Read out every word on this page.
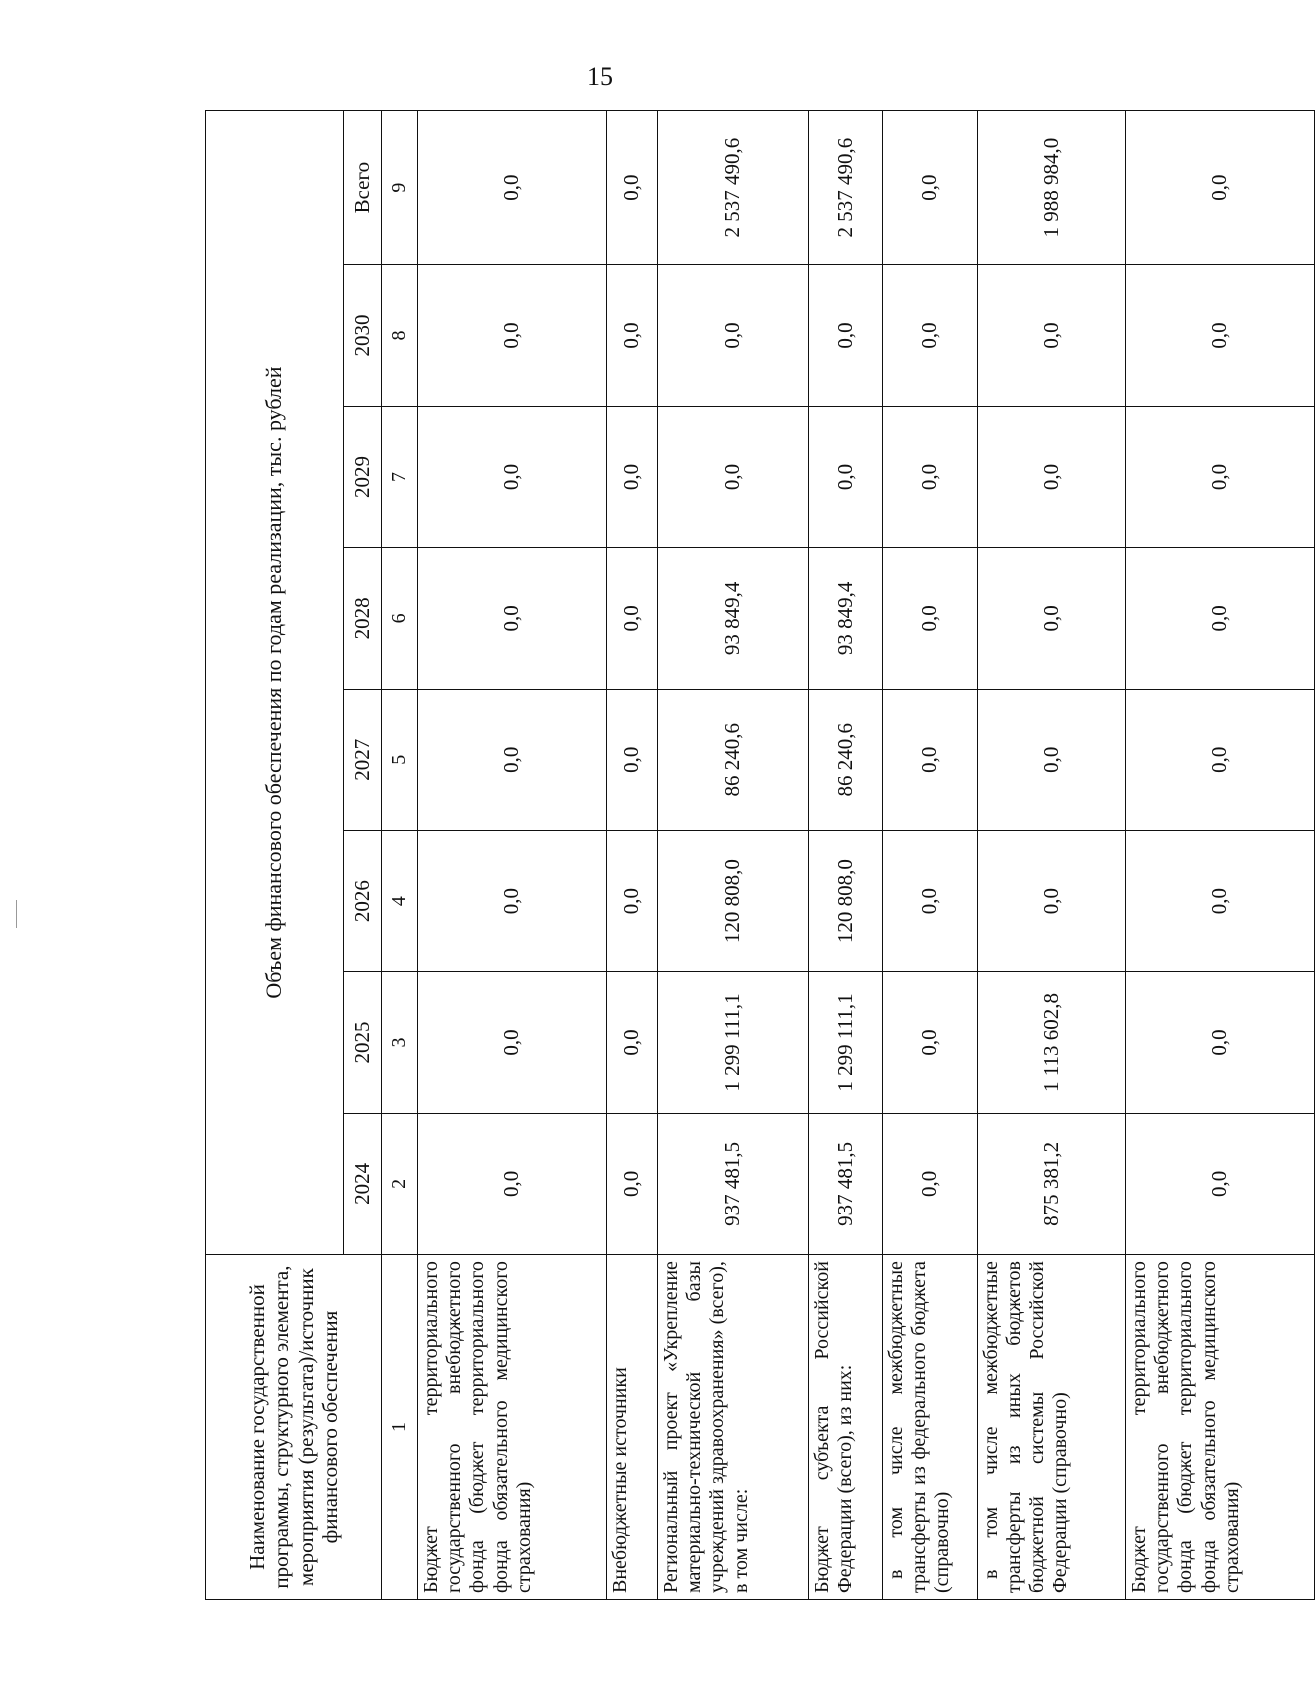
15
Наименование государственной программы, структурного элемента, мероприятия (результата)/источник финансового обеспечения	Объем финансового обеспечения по годам реализации, тыс. рублей							
	2024	2025	2026	2027	2028	2029	2030	Всего
1	2	3	4	5	6	7	8	9
Бюджет территориального государственного внебюджетного фонда (бюджет территориального фонда обязательного медицинского страхования)	0,0	0,0	0,0	0,0	0,0	0,0	0,0	0,0
Внебюджетные источники	0,0	0,0	0,0	0,0	0,0	0,0	0,0	0,0
Региональный проект «Укрепление материально-технической базы учреждений здравоохранения» (всего), в том числе:	937 481,5	1 299 111,1	120 808,0	86 240,6	93 849,4	0,0	0,0	2 537 490,6
Бюджет субъекта Российской Федерации (всего), из них:	937 481,5	1 299 111,1	120 808,0	86 240,6	93 849,4	0,0	0,0	2 537 490,6
в том числе межбюджетные трансферты из федерального бюджета (справочно)	0,0	0,0	0,0	0,0	0,0	0,0	0,0	0,0
в том числе межбюджетные трансферты из иных бюджетов бюджетной системы Российской Федерации (справочно)	875 381,2	1 113 602,8	0,0	0,0	0,0	0,0	0,0	1 988 984,0
Бюджет территориального государственного внебюджетного фонда (бюджет территориального фонда обязательного медицинского страхования)	0,0	0,0	0,0	0,0	0,0	0,0	0,0	0,0
